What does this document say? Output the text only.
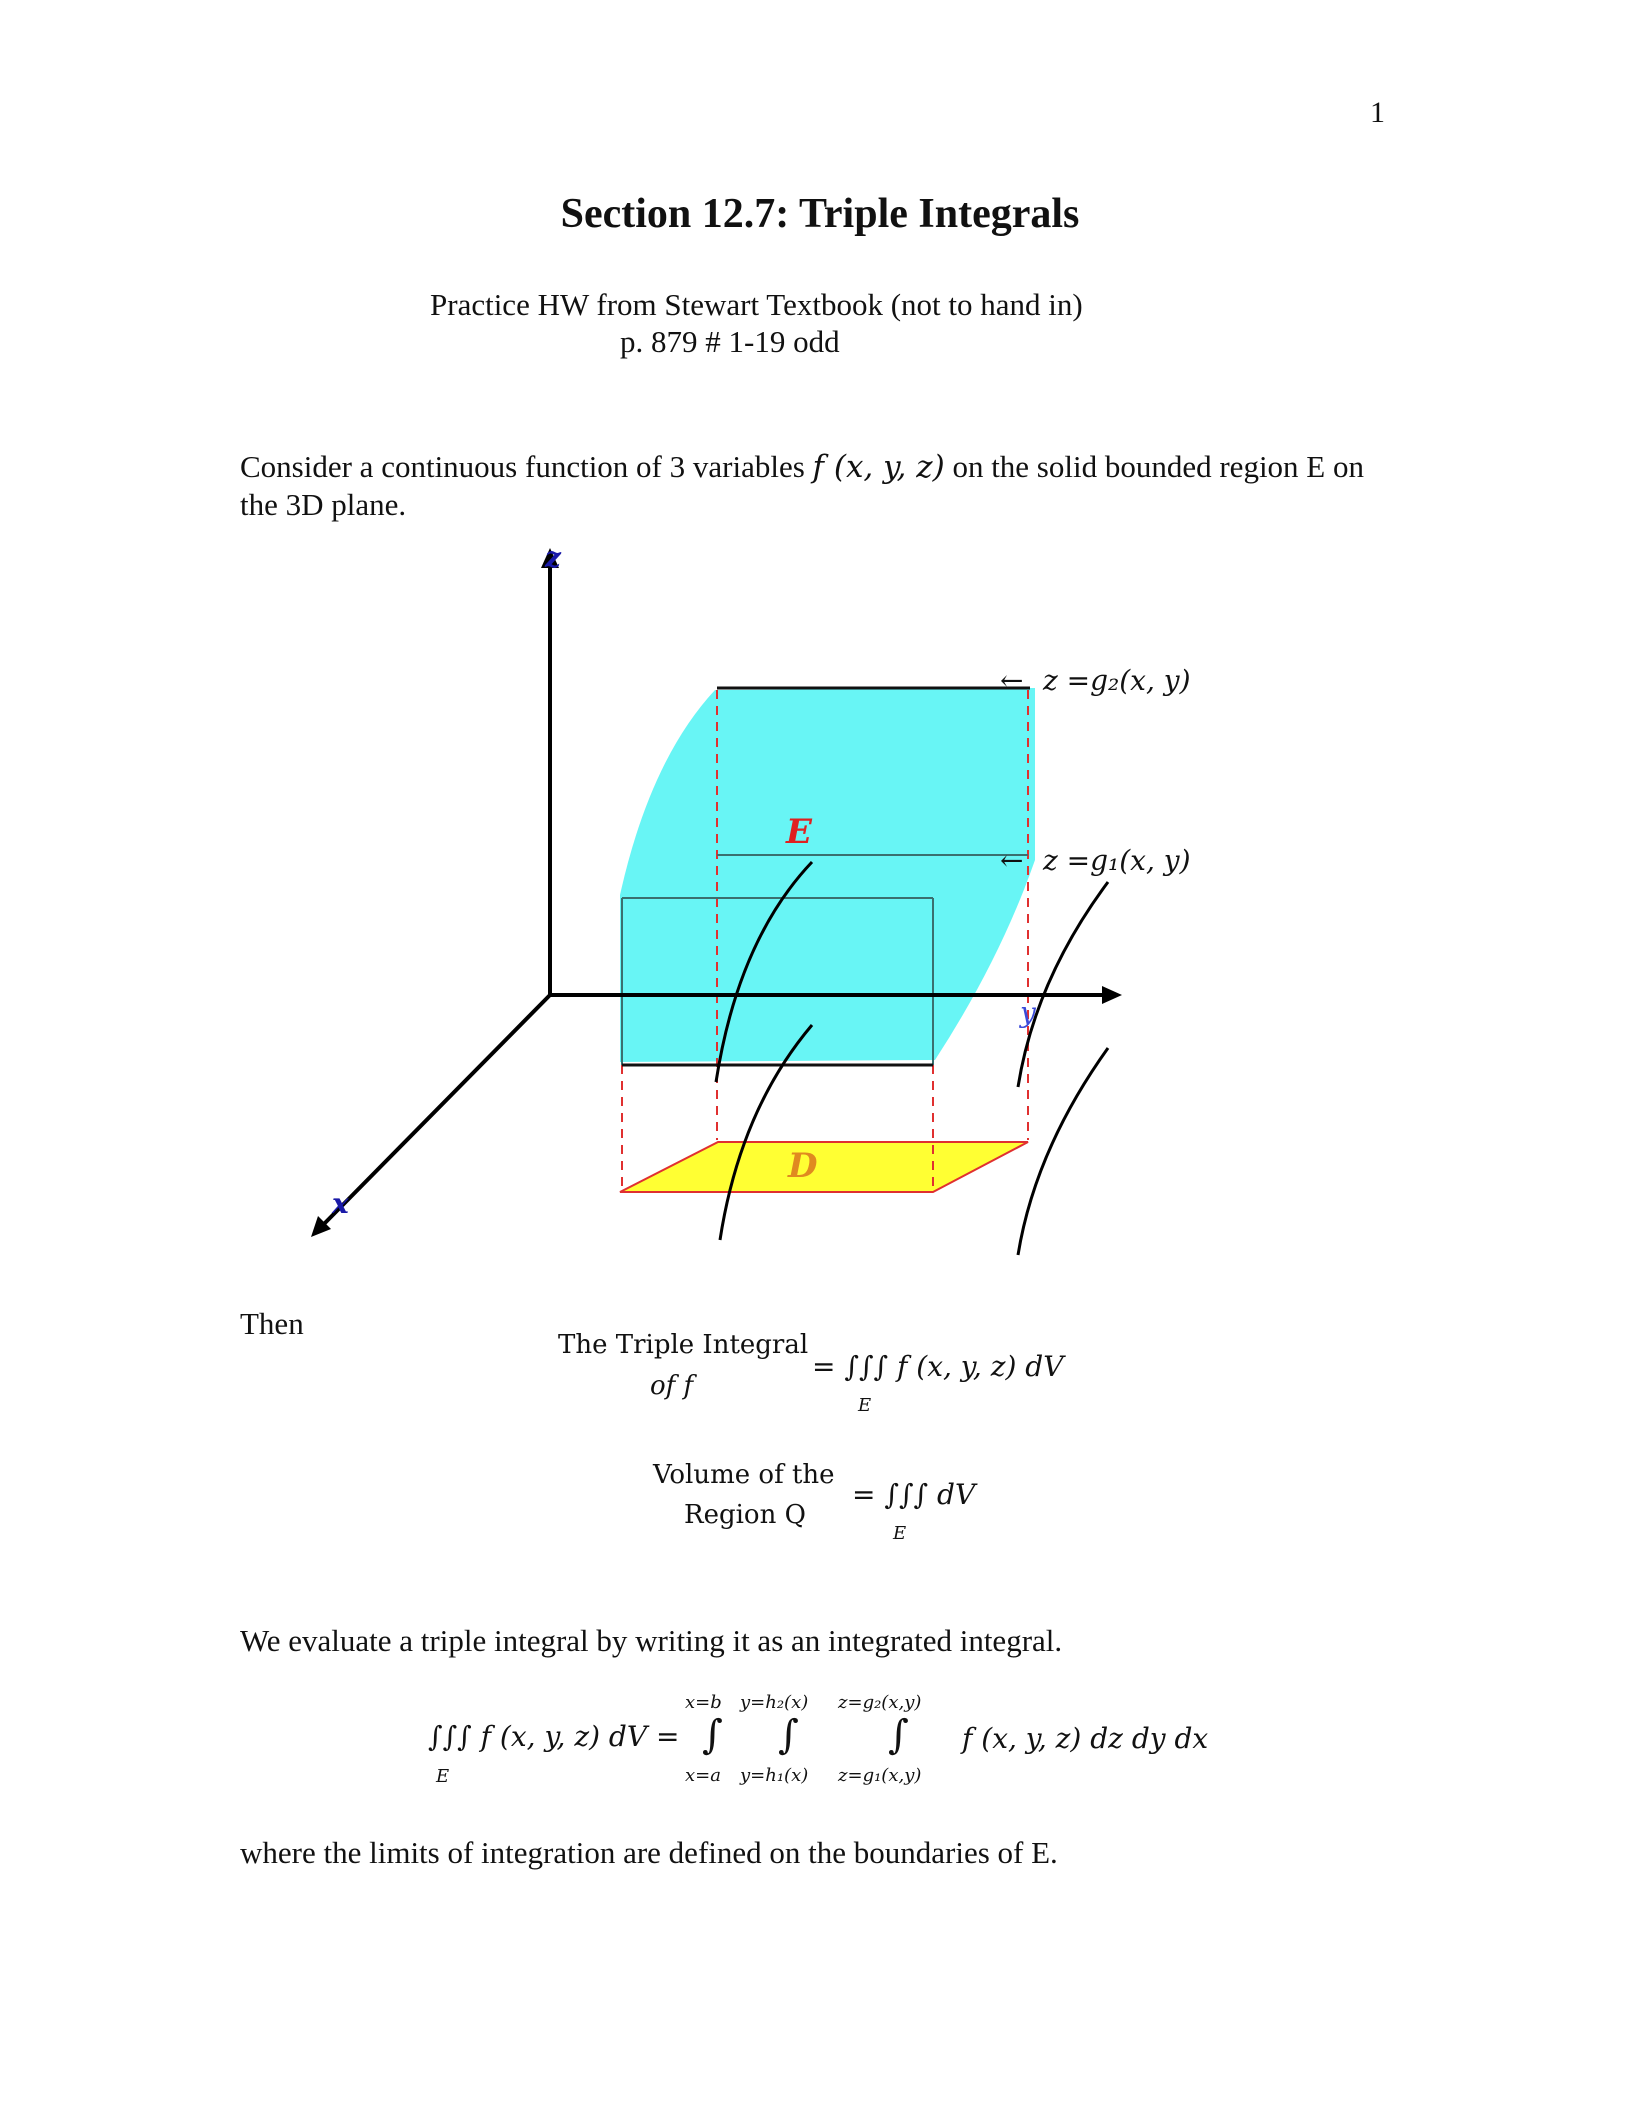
1
Section 12.7: Triple Integrals
Practice HW from Stewart Textbook (not to hand in)
p. 879 # 1-19 odd
Consider a continuous function of 3 variables f (x, y, z) on the solid bounded region E on the 3D plane.
z
y
x
E
D
← z =g₂(x, y)
← z =g₁(x, y)
Then
The Triple Integral
of f
= ∫∫∫ f (x, y, z) dV
E
Volume of the
Region Q
= ∫∫∫ dV
E
We evaluate a triple integral by writing it as an integrated integral.
∫∫∫ f (x, y, z) dV =
E
x=b y=h₂(x) z=g₂(x,y)
∫ ∫ ∫
x=a y=h₁(x) z=g₁(x,y)
f (x, y, z) dz dy dx
where the limits of integration are defined on the boundaries of E.
